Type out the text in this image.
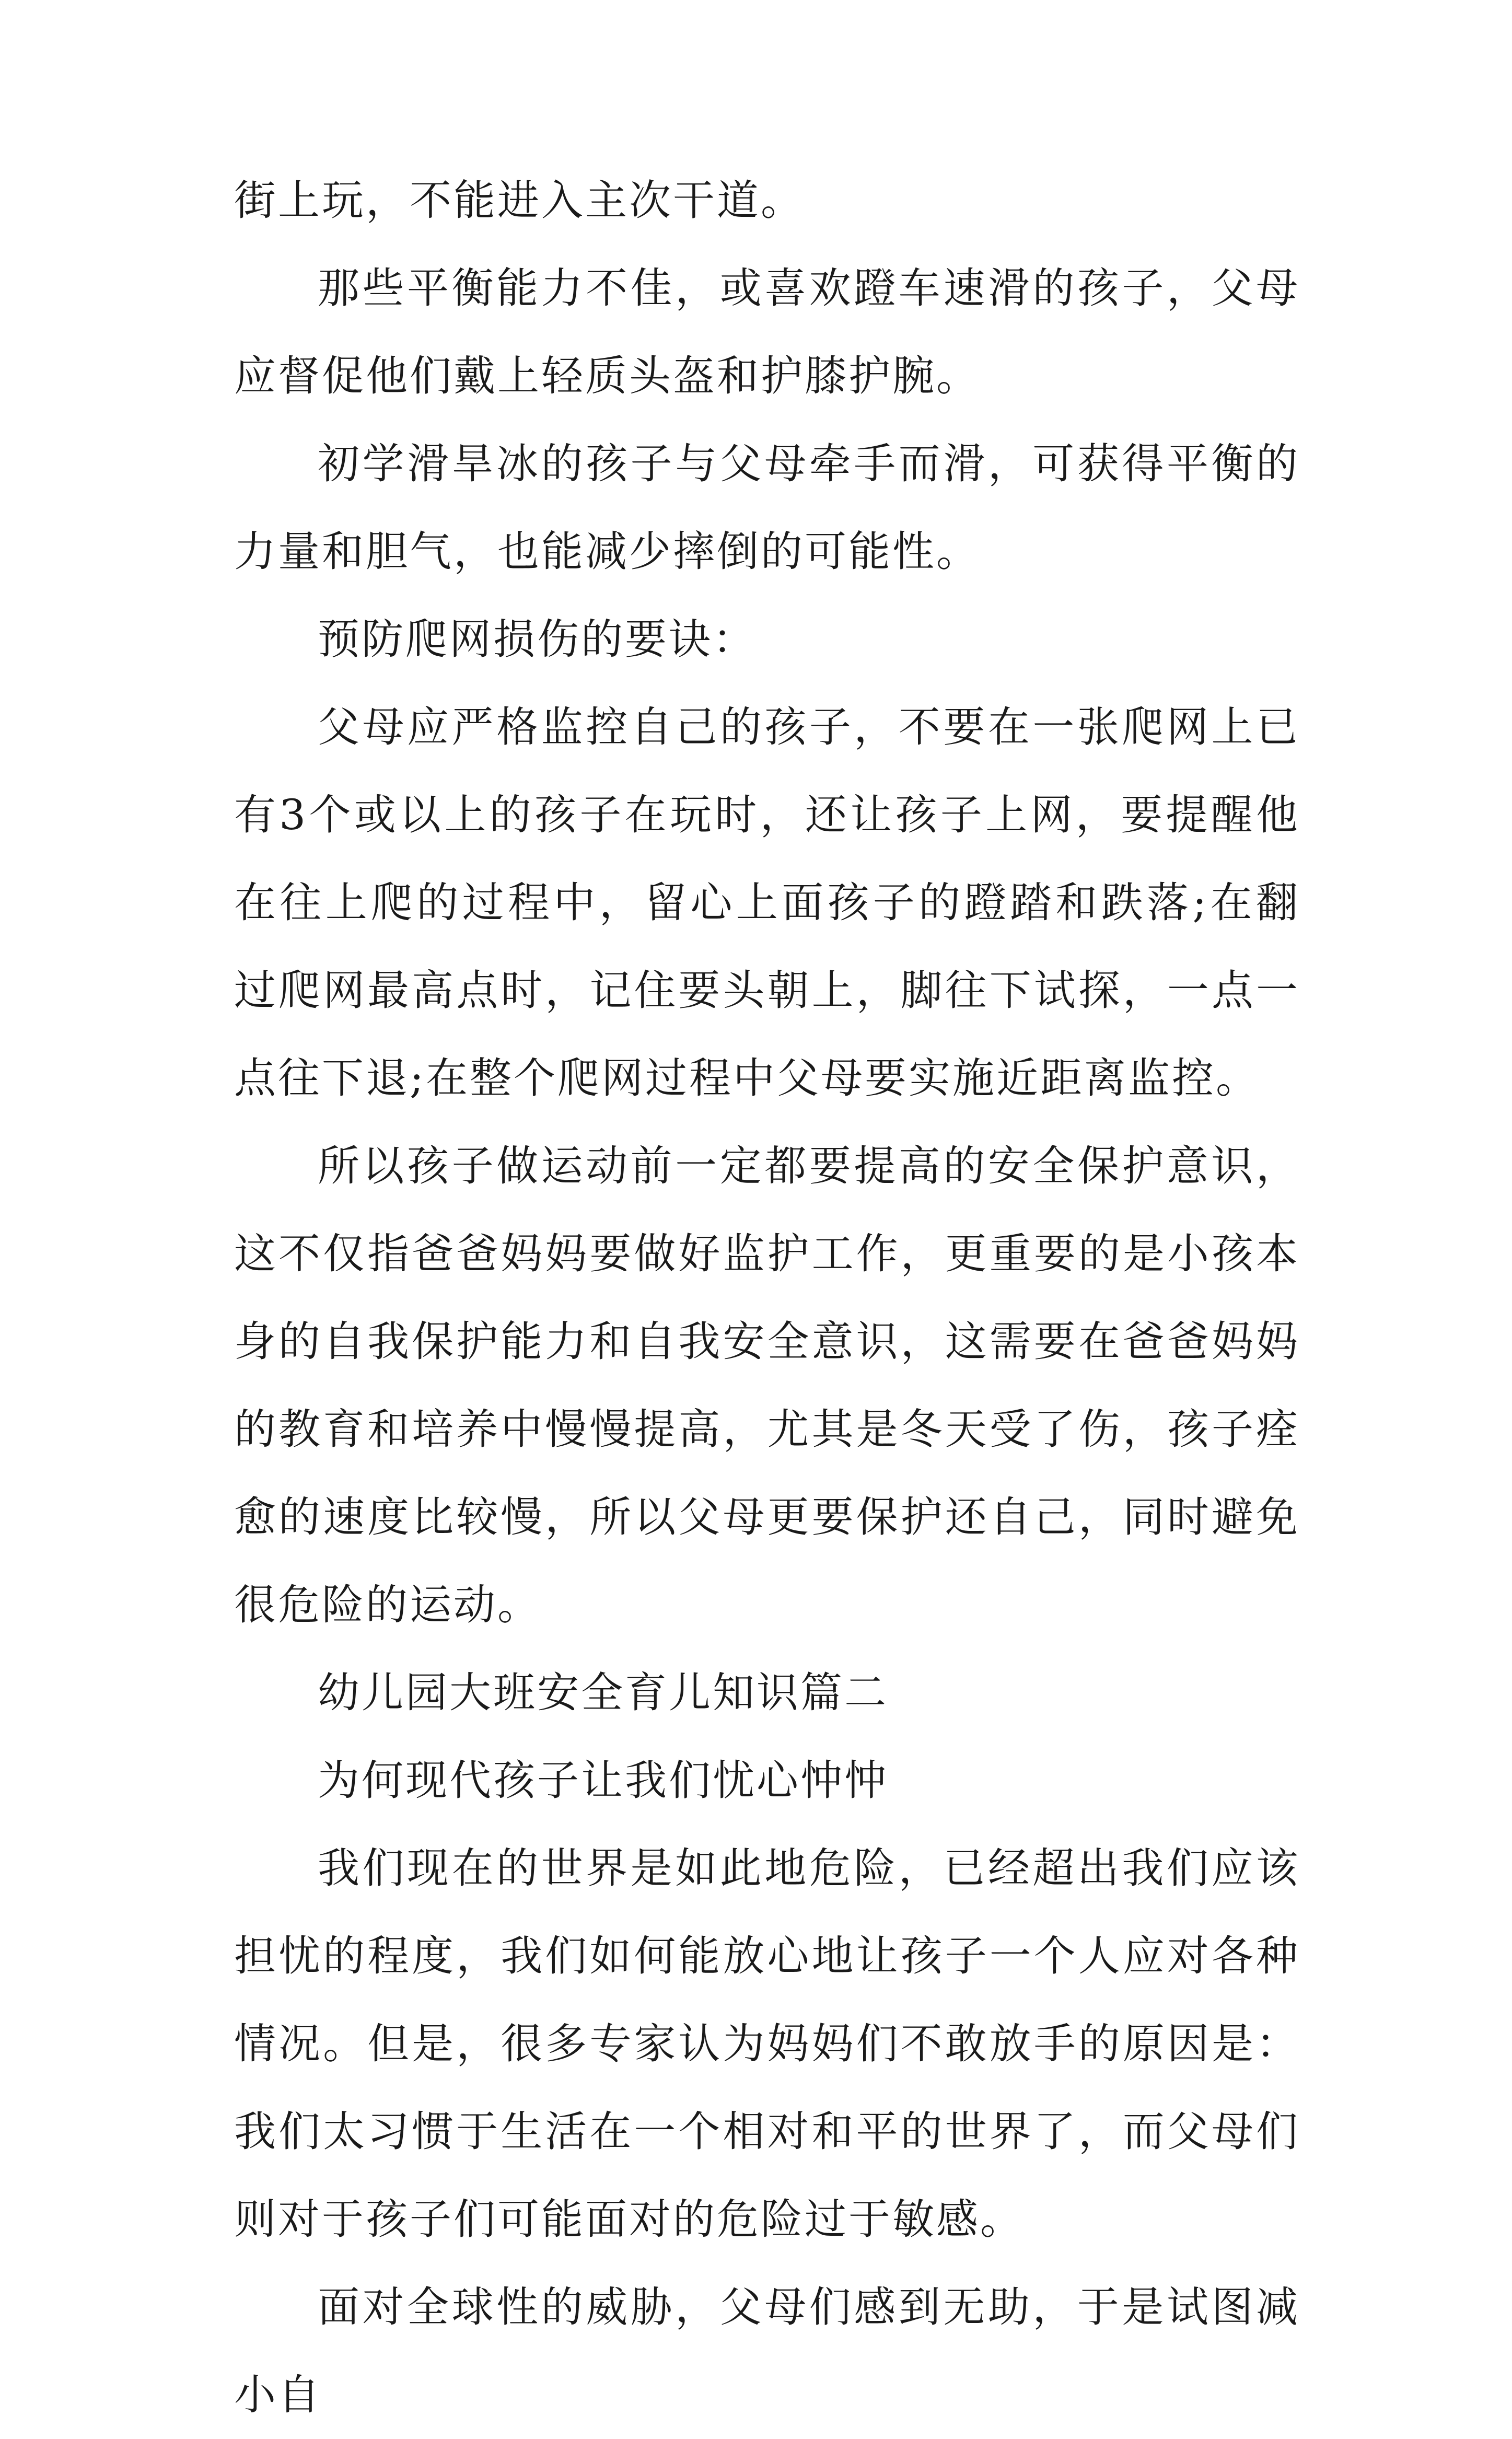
街上玩，不能进入主次干道。

那些平衡能力不佳，或喜欢蹬车速滑的孩子，父母应督促他们戴上轻质头盔和护膝护腕。

初学滑旱冰的孩子与父母牵手而滑，可获得平衡的力量和胆气，也能减少摔倒的可能性。

预防爬网损伤的要诀：

父母应严格监控自己的孩子，不要在一张爬网上已有3个或以上的孩子在玩时，还让孩子上网，要提醒他在往上爬的过程中，留心上面孩子的蹬踏和跌落;在翻过爬网最高点时，记住要头朝上，脚往下试探，一点一点往下退;在整个爬网过程中父母要实施近距离监控。

所以孩子做运动前一定都要提高的安全保护意识，这不仅指爸爸妈妈要做好监护工作，更重要的是小孩本身的自我保护能力和自我安全意识，这需要在爸爸妈妈的教育和培养中慢慢提高，尤其是冬天受了伤，孩子痊愈的速度比较慢，所以父母更要保护还自己，同时避免很危险的运动。

幼儿园大班安全育儿知识篇二

为何现代孩子让我们忧心忡忡

我们现在的世界是如此地危险，已经超出我们应该担忧的程度，我们如何能放心地让孩子一个人应对各种情况。但是，很多专家认为妈妈们不敢放手的原因是：我们太习惯于生活在一个相对和平的世界了，而父母们则对于孩子们可能面对的危险过于敏感。

面对全球性的威胁，父母们感到无助，于是试图减小自
